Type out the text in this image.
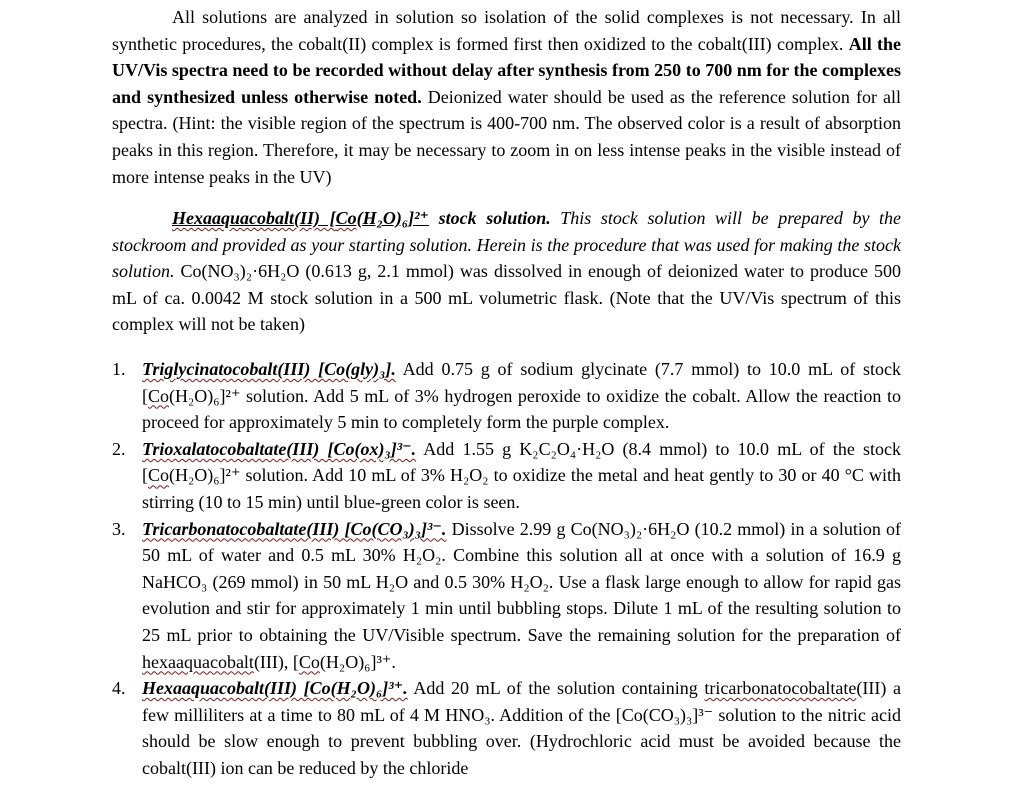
All solutions are analyzed in solution so isolation of the solid complexes is not necessary. In all synthetic procedures, the cobalt(II) complex is formed first then oxidized to the cobalt(III) complex. All the UV/Vis spectra need to be recorded without delay after synthesis from 250 to 700 nm for the complexes and synthesized unless otherwise noted. Deionized water should be used as the reference solution for all spectra. (Hint: the visible region of the spectrum is 400-700 nm. The observed color is a result of absorption peaks in this region. Therefore, it may be necessary to zoom in on less intense peaks in the visible instead of more intense peaks in the UV)

Hexaaquacobalt(II) [Co(H₂O)₆]²⁺ stock solution. This stock solution will be prepared by the stockroom and provided as your starting solution. Herein is the procedure that was used for making the stock solution. Co(NO₃)₂·6H₂O (0.613 g, 2.1 mmol) was dissolved in enough of deionized water to produce 500 mL of ca. 0.0042 M stock solution in a 500 mL volumetric flask. (Note that the UV/Vis spectrum of this complex will not be taken)

1. Triglycinatocobalt(III) [Co(gly)₃]. Add 0.75 g of sodium glycinate (7.7 mmol) to 10.0 mL of stock [Co(H₂O)₆]²⁺ solution. Add 5 mL of 3% hydrogen peroxide to oxidize the cobalt. Allow the reaction to proceed for approximately 5 min to completely form the purple complex.
2. Trioxalatocobaltate(III) [Co(ox)₃]³⁻. Add 1.55 g K₂C₂O₄·H₂O (8.4 mmol) to 10.0 mL of the stock [Co(H₂O)₆]²⁺ solution. Add 10 mL of 3% H₂O₂ to oxidize the metal and heat gently to 30 or 40 °C with stirring (10 to 15 min) until blue-green color is seen.
3. Tricarbonatocobaltate(III) [Co(CO₃)₃]³⁻. Dissolve 2.99 g Co(NO₃)₂·6H₂O (10.2 mmol) in a solution of 50 mL of water and 0.5 mL 30% H₂O₂. Combine this solution all at once with a solution of 16.9 g NaHCO₃ (269 mmol) in 50 mL H₂O and 0.5 30% H₂O₂. Use a flask large enough to allow for rapid gas evolution and stir for approximately 1 min until bubbling stops. Dilute 1 mL of the resulting solution to 25 mL prior to obtaining the UV/Visible spectrum. Save the remaining solution for the preparation of hexaaquacobalt(III), [Co(H₂O)₆]³⁺.
4. Hexaaquacobalt(III) [Co(H₂O)₆]³⁺. Add 20 mL of the solution containing tricarbonatocobaltate(III) a few milliliters at a time to 80 mL of 4 M HNO₃. Addition of the [Co(CO₃)₃]³⁻ solution to the nitric acid should be slow enough to prevent bubbling over. (Hydrochloric acid must be avoided because the cobalt(III) ion can be reduced by the chloride
